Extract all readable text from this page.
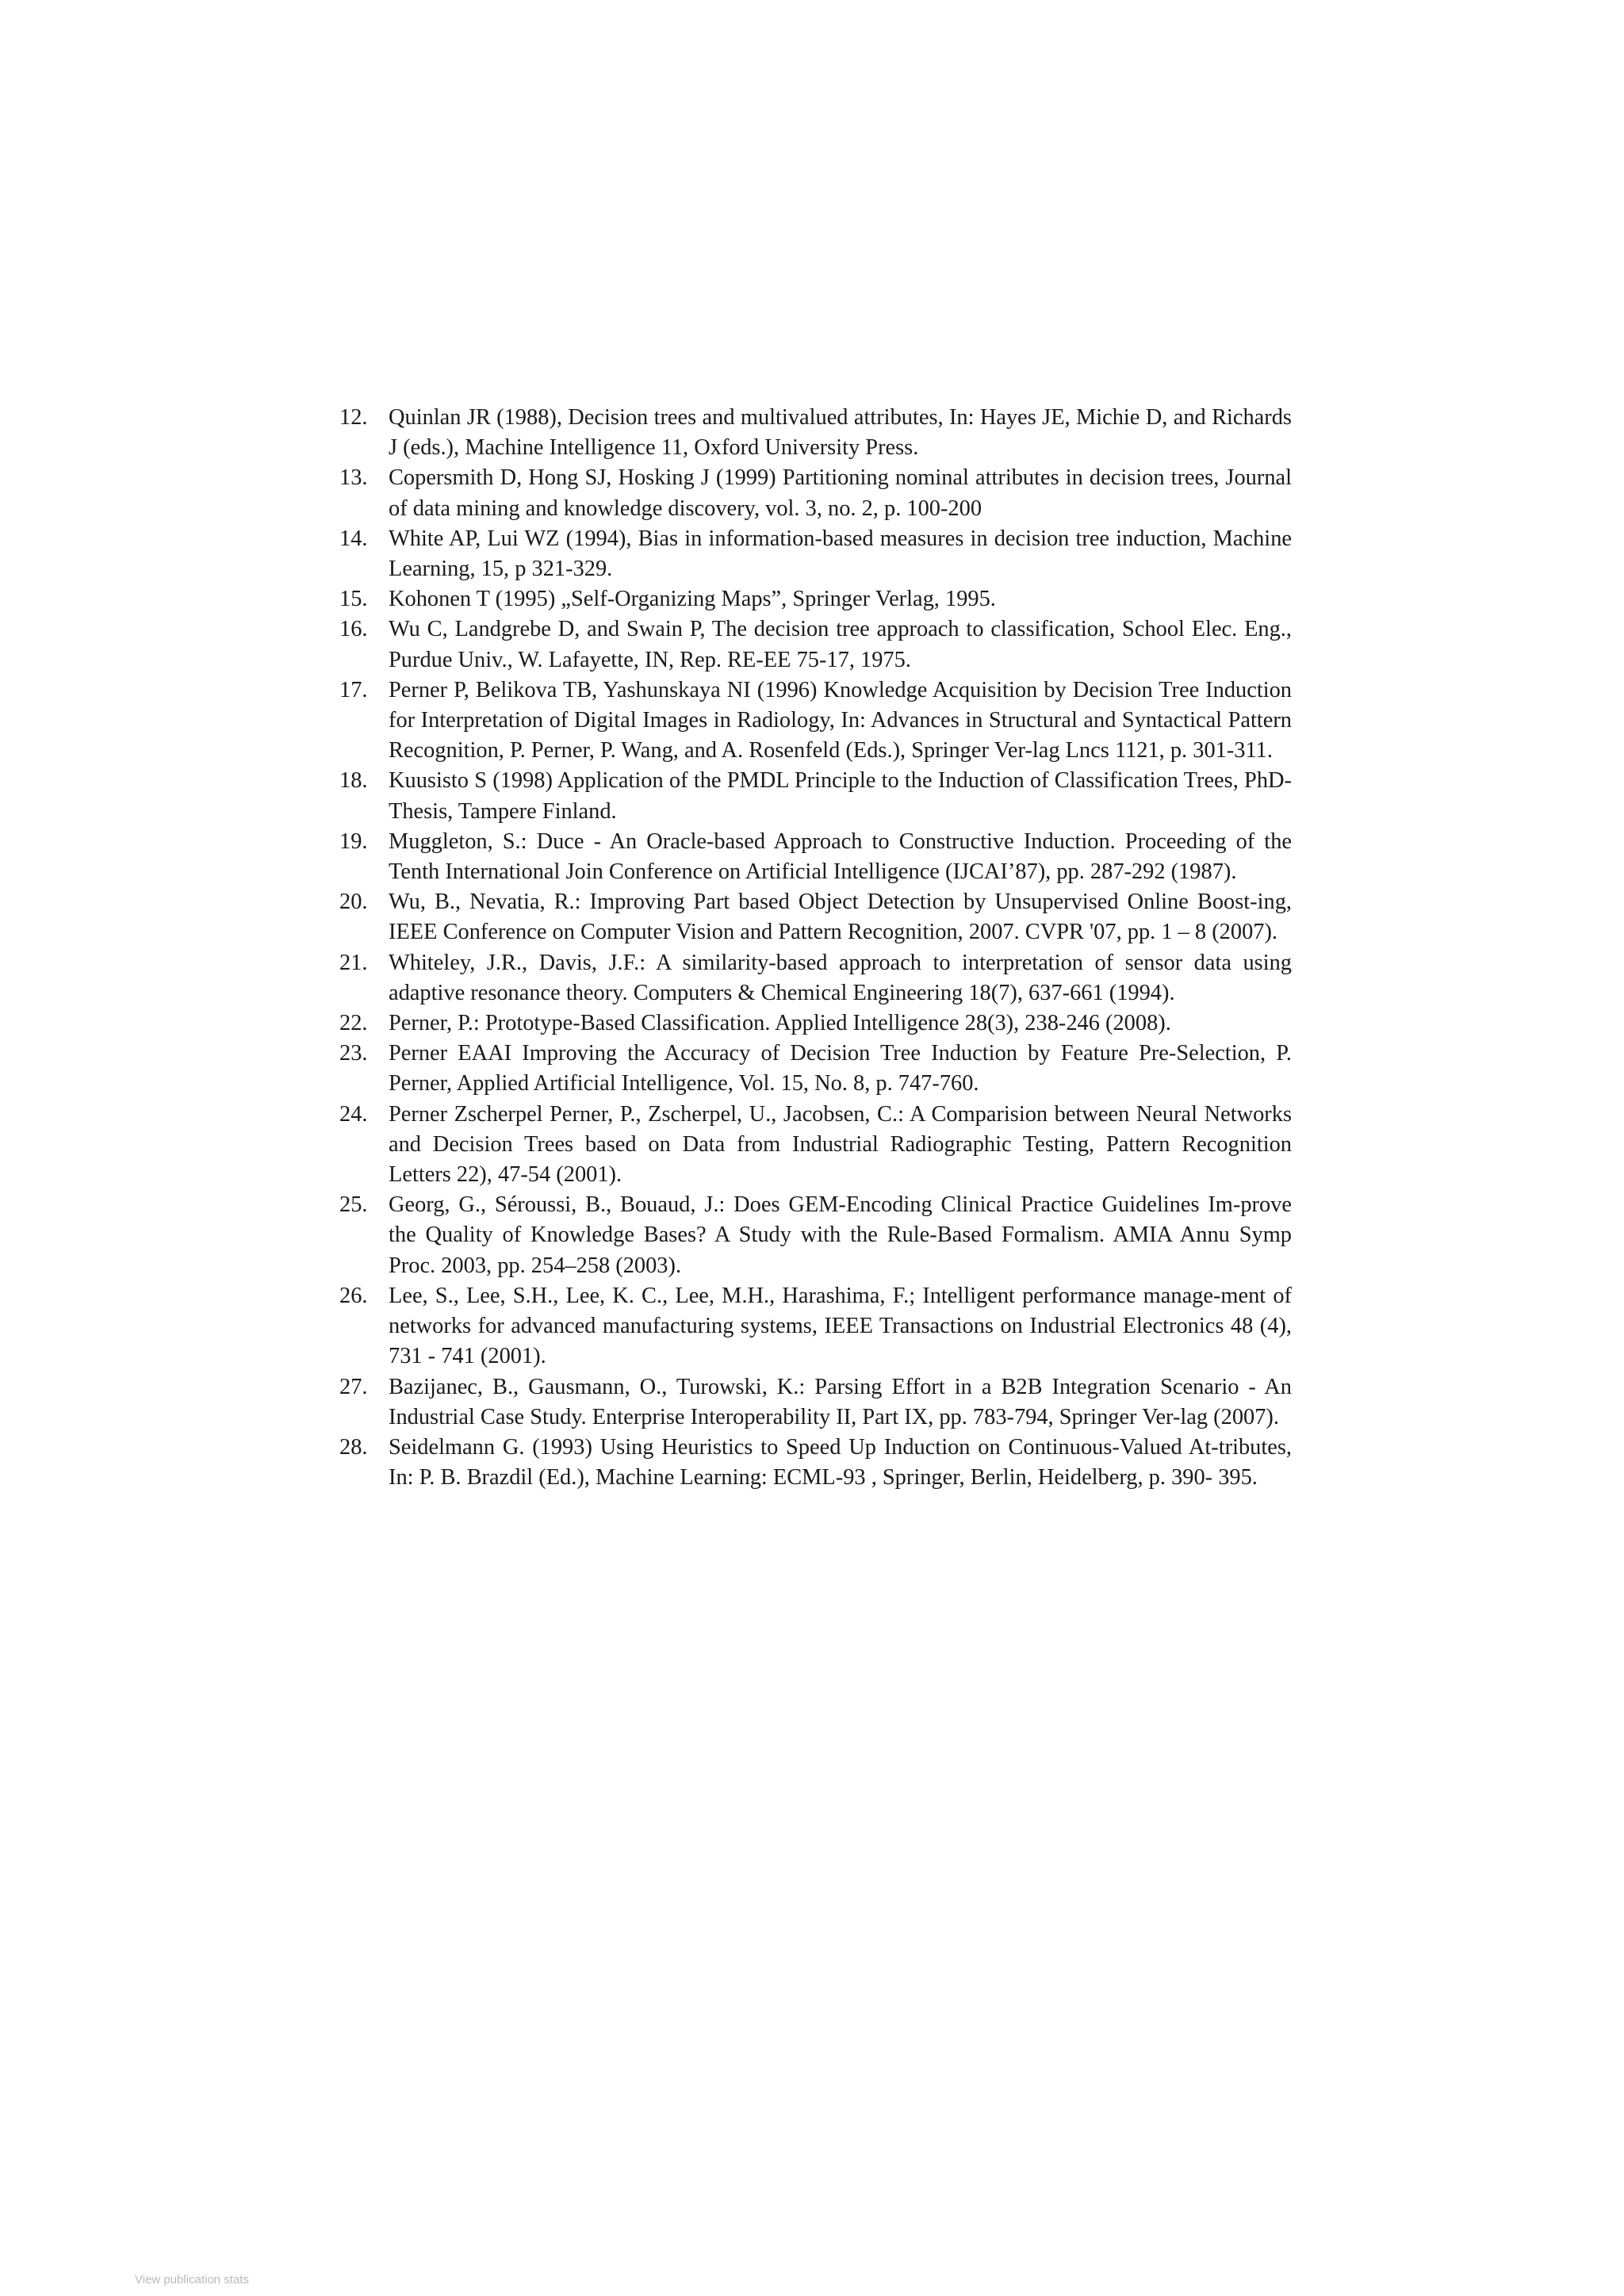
12. Quinlan JR (1988), Decision trees and multivalued attributes, In: Hayes JE, Michie D, and Richards J (eds.), Machine Intelligence 11, Oxford University Press.
13. Copersmith D, Hong SJ, Hosking J (1999) Partitioning nominal attributes in decision trees, Journal of data mining and knowledge discovery, vol. 3, no. 2, p. 100-200
14. White AP, Lui WZ (1994), Bias in information-based measures in decision tree induction, Machine Learning, 15, p 321-329.
15. Kohonen T (1995) „Self-Organizing Maps”, Springer Verlag, 1995.
16. Wu C, Landgrebe D, and Swain P, The decision tree approach to classification, School Elec. Eng., Purdue Univ., W. Lafayette, IN, Rep. RE-EE 75-17, 1975.
17. Perner P, Belikova TB, Yashunskaya NI (1996) Knowledge Acquisition by Decision Tree Induction for Interpretation of Digital Images in Radiology, In: Advances in Structural and Syntactical Pattern Recognition, P. Perner, P. Wang, and A. Rosenfeld (Eds.), Springer Ver-lag Lncs 1121, p. 301-311.
18. Kuusisto S (1998) Application of the PMDL Principle to the Induction of Classification Trees, PhD-Thesis, Tampere Finland.
19. Muggleton, S.: Duce - An Oracle-based Approach to Constructive Induction. Proceeding of the Tenth International Join Conference on Artificial Intelligence (IJCAI’87), pp. 287-292 (1987).
20. Wu, B., Nevatia, R.: Improving Part based Object Detection by Unsupervised Online Boost-ing, IEEE Conference on Computer Vision and Pattern Recognition, 2007. CVPR '07, pp. 1 – 8 (2007).
21. Whiteley, J.R., Davis, J.F.: A similarity-based approach to interpretation of sensor data using adaptive resonance theory. Computers & Chemical Engineering 18(7), 637-661 (1994).
22. Perner, P.: Prototype-Based Classification. Applied Intelligence 28(3), 238-246 (2008).
23. Perner EAAI Improving the Accuracy of Decision Tree Induction by Feature Pre-Selection, P. Perner, Applied Artificial Intelligence, Vol. 15, No. 8, p. 747-760.
24. Perner Zscherpel Perner, P., Zscherpel, U., Jacobsen, C.: A Comparision between Neural Networks and Decision Trees based on Data from Industrial Radiographic Testing, Pattern Recognition Letters 22), 47-54 (2001).
25. Georg, G., Séroussi, B., Bouaud, J.: Does GEM-Encoding Clinical Practice Guidelines Im-prove the Quality of Knowledge Bases? A Study with the Rule-Based Formalism. AMIA Annu Symp Proc. 2003, pp. 254–258 (2003).
26. Lee, S., Lee, S.H., Lee, K. C., Lee, M.H., Harashima, F.; Intelligent performance manage-ment of networks for advanced manufacturing systems, IEEE Transactions on Industrial Electronics 48 (4), 731 - 741 (2001).
27. Bazijanec, B., Gausmann, O., Turowski, K.: Parsing Effort in a B2B Integration Scenario - An Industrial Case Study. Enterprise Interoperability II, Part IX, pp. 783-794, Springer Ver-lag (2007).
28. Seidelmann G. (1993) Using Heuristics to Speed Up Induction on Continuous-Valued At-tributes, In: P. B. Brazdil (Ed.), Machine Learning: ECML-93 , Springer, Berlin, Heidelberg, p. 390- 395.
View publication stats
